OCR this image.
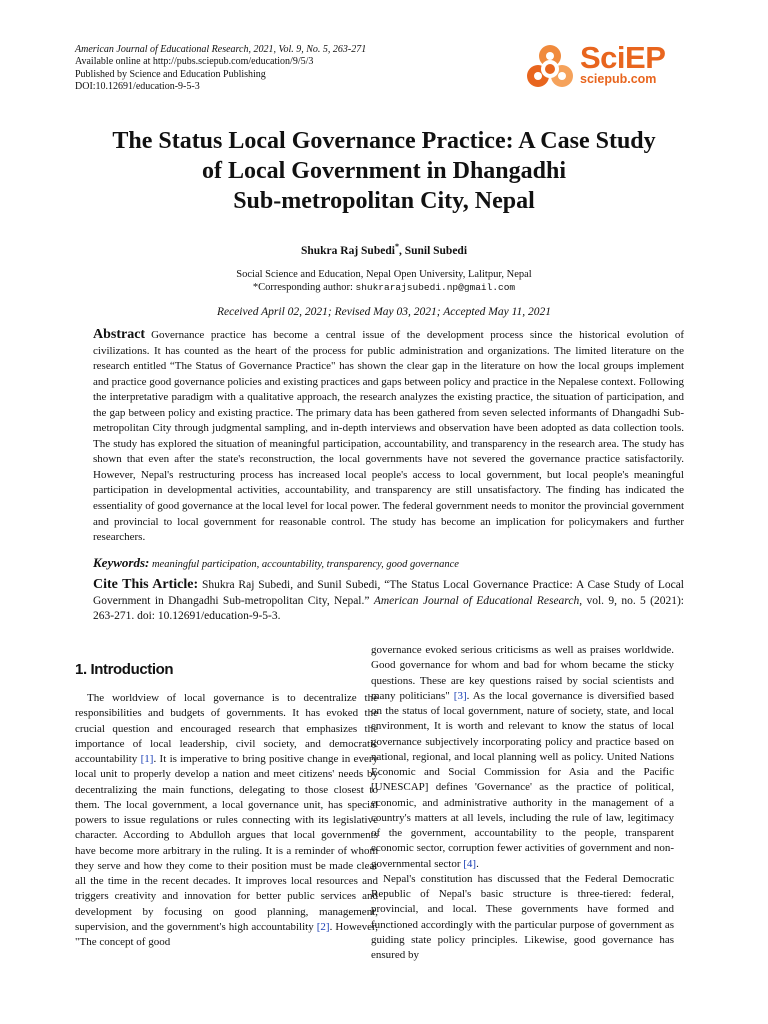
American Journal of Educational Research, 2021, Vol. 9, No. 5, 263-271
Available online at http://pubs.sciepub.com/education/9/5/3
Published by Science and Education Publishing
DOI:10.12691/education-9-5-3
SciEP
sciepub.com
The Status Local Governance Practice: A Case Study
of Local Government in Dhangadhi
Sub-metropolitan City, Nepal
Shukra Raj Subedi*, Sunil Subedi
Social Science and Education, Nepal Open University, Lalitpur, Nepal
*Corresponding author: shukrarajsubedi.np@gmail.com
Received April 02, 2021; Revised May 03, 2021; Accepted May 11, 2021
Abstract Governance practice has become a central issue of the development process since the historical evolution of civilizations. It has counted as the heart of the process for public administration and organizations. The limited literature on the research entitled “The Status of Governance Practice" has shown the clear gap in the literature on how the local groups implement and practice good governance policies and existing practices and gaps between policy and practice in the Nepalese context. Following the interpretative paradigm with a qualitative approach, the research analyzes the existing practice, the situation of participation, and the gap between policy and existing practice. The primary data has been gathered from seven selected informants of Dhangadhi Sub-metropolitan City through judgmental sampling, and in-depth interviews and observation have been adopted as data collection tools. The study has explored the situation of meaningful participation, accountability, and transparency in the research area. The study has shown that even after the state's reconstruction, the local governments have not severed the governance practice satisfactorily. However, Nepal's restructuring process has increased local people's access to local government, but local people's meaningful participation in developmental activities, accountability, and transparency are still unsatisfactory. The finding has indicated the essentiality of good governance at the local level for local power. The federal government needs to monitor the provincial government and provincial to local government for reasonable control. The study has become an implication for policymakers and further researchers.
Keywords: meaningful participation, accountability, transparency, good governance
Cite This Article: Shukra Raj Subedi, and Sunil Subedi, “The Status Local Governance Practice: A Case Study of Local Government in Dhangadhi Sub-metropolitan City, Nepal.” American Journal of Educational Research, vol. 9, no. 5 (2021): 263-271. doi: 10.12691/education-9-5-3.
1. Introduction

The worldview of local governance is to decentralize the responsibilities and budgets of governments. It has evoked the crucial question and encouraged research that emphasizes the importance of local leadership, civil society, and democratic accountability [1]. It is imperative to bring positive change in every local unit to properly develop a nation and meet citizens' needs by decentralizing the main functions, delegating to those closest to them. The local government, a local governance unit, has special powers to issue regulations or rules connecting with its legislative character. According to Abdulloh argues that local governments have become more arbitrary in the ruling. It is a reminder of whom they serve and how they come to their position must be made clear all the time in the recent decades. It improves local resources and triggers creativity and innovation for better public services and development by focusing on good planning, management, supervision, and the government's high accountability [2]. However, "The concept of good

governance evoked serious criticisms as well as praises worldwide. Good governance for whom and bad for whom became the sticky questions. These are key questions raised by social scientists and many politicians" [3]. As the local governance is diversified based on the status of local government, nature of society, state, and local environment, It is worth and relevant to know the status of local governance subjectively incorporating policy and practice based on national, regional, and local planning well as policy. United Nations Economic and Social Commission for Asia and the Pacific [UNESCAP] defines 'Governance' as the practice of political, economic, and administrative authority in the management of a country's matters at all levels, including the rule of law, legitimacy of the government, accountability to the people, transparent economic sector, corruption fewer activities of government and non-governmental sector [4].

Nepal's constitution has discussed that the Federal Democratic Republic of Nepal's basic structure is three-tiered: federal, provincial, and local. These governments have formed and functioned accordingly with the particular purpose of government as guiding state policy principles. Likewise, good governance has ensured by
